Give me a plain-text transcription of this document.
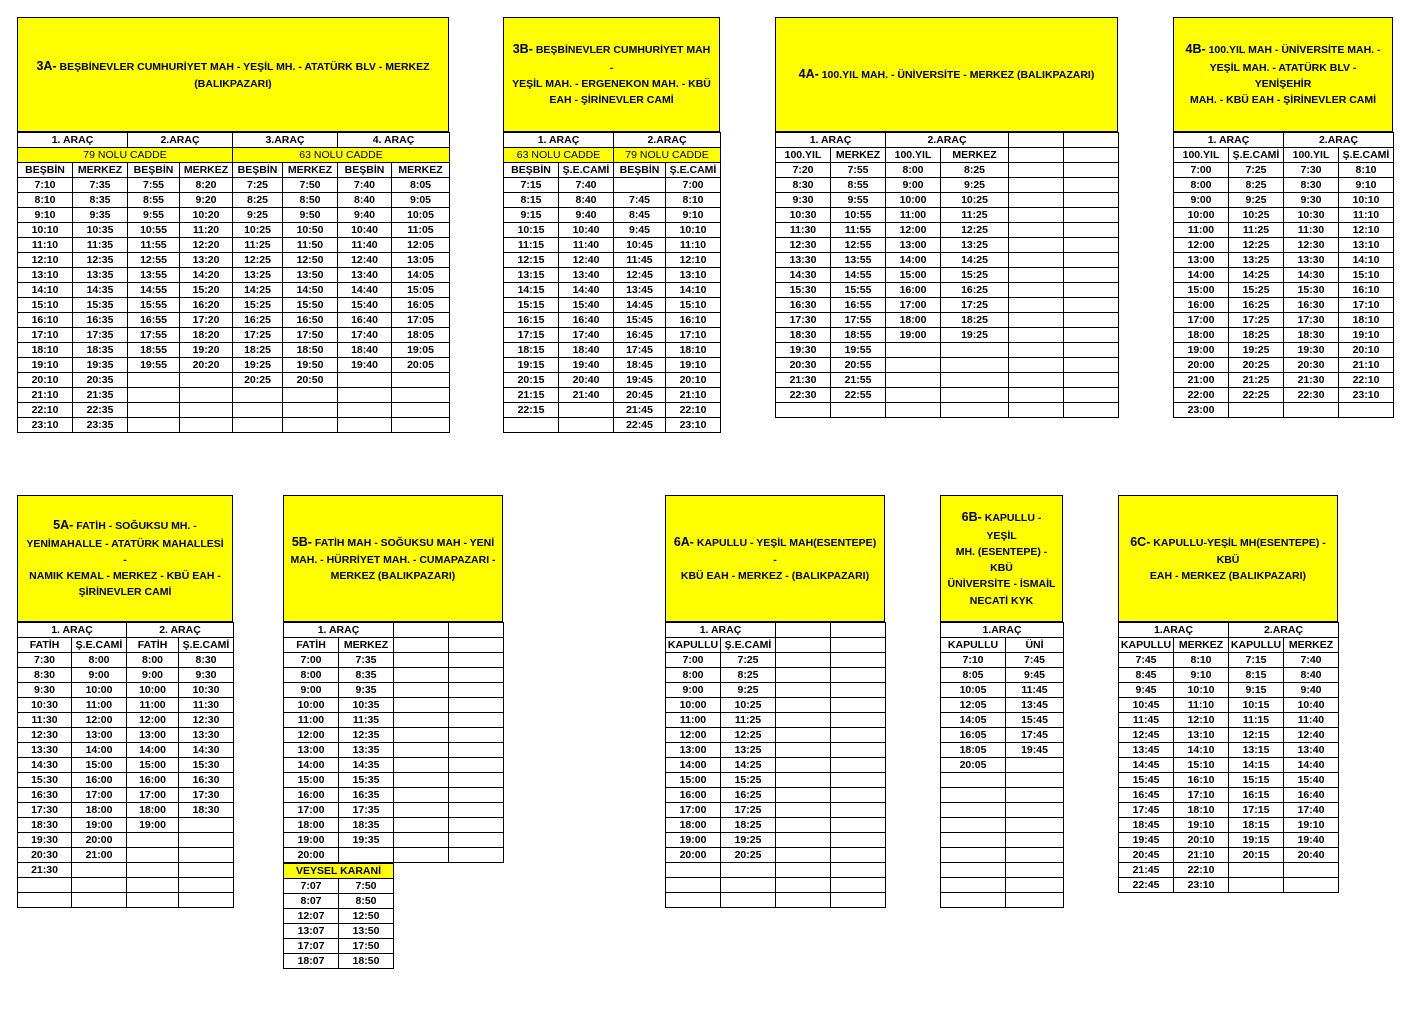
3A- BEŞBİNEVLER CUMHURİYET MAH - YEŞİL MH. - ATATÜRK BLV - MERKEZ
(BALIKPAZARI)
1. ARAÇ		2.ARAÇ		3.ARAÇ		4. ARAÇ	
79 NOLU CADDE				63 NOLU CADDE			
BEŞBİN	MERKEZ	BEŞBİN	MERKEZ	BEŞBİN	MERKEZ	BEŞBİN	MERKEZ
7:10	7:35	7:55	8:20	7:25	7:50	7:40	8:05
8:10	8:35	8:55	9:20	8:25	8:50	8:40	9:05
9:10	9:35	9:55	10:20	9:25	9:50	9:40	10:05
10:10	10:35	10:55	11:20	10:25	10:50	10:40	11:05
11:10	11:35	11:55	12:20	11:25	11:50	11:40	12:05
12:10	12:35	12:55	13:20	12:25	12:50	12:40	13:05
13:10	13:35	13:55	14:20	13:25	13:50	13:40	14:05
14:10	14:35	14:55	15:20	14:25	14:50	14:40	15:05
15:10	15:35	15:55	16:20	15:25	15:50	15:40	16:05
16:10	16:35	16:55	17:20	16:25	16:50	16:40	17:05
17:10	17:35	17:55	18:20	17:25	17:50	17:40	18:05
18:10	18:35	18:55	19:20	18:25	18:50	18:40	19:05
19:10	19:35	19:55	20:20	19:25	19:50	19:40	20:05
20:10	20:35			20:25	20:50		
21:10	21:35						
22:10	22:35						
23:10	23:35						
3B- BEŞBİNEVLER CUMHURİYET MAH -
YEŞİL MAH. - ERGENEKON MAH. - KBÜ
EAH - ŞİRİNEVLER CAMİ
1. ARAÇ		2.ARAÇ	
63 NOLU CADDE		79 NOLU CADDE	
BEŞBİN	Ş.E.CAMİ	BEŞBİN	Ş.E.CAMİ
7:15	7:40		7:00
8:15	8:40	7:45	8:10
9:15	9:40	8:45	9:10
10:15	10:40	9:45	10:10
11:15	11:40	10:45	11:10
12:15	12:40	11:45	12:10
13:15	13:40	12:45	13:10
14:15	14:40	13:45	14:10
15:15	15:40	14:45	15:10
16:15	16:40	15:45	16:10
17:15	17:40	16:45	17:10
18:15	18:40	17:45	18:10
19:15	19:40	18:45	19:10
20:15	20:40	19:45	20:10
21:15	21:40	20:45	21:10
22:15		21:45	22:10
		22:45	23:10
4A- 100.YIL MAH. - ÜNİVERSİTE - MERKEZ (BALIKPAZARI)
1. ARAÇ		2.ARAÇ			
100.YIL	MERKEZ	100.YIL	MERKEZ		
7:20	7:55	8:00	8:25		
8:30	8:55	9:00	9:25		
9:30	9:55	10:00	10:25		
10:30	10:55	11:00	11:25		
11:30	11:55	12:00	12:25		
12:30	12:55	13:00	13:25		
13:30	13:55	14:00	14:25		
14:30	14:55	15:00	15:25		
15:30	15:55	16:00	16:25		
16:30	16:55	17:00	17:25		
17:30	17:55	18:00	18:25		
18:30	18:55	19:00	19:25		
19:30	19:55				
20:30	20:55				
21:30	21:55				
22:30	22:55				

4B- 100.YIL MAH - ÜNİVERSİTE MAH. -
YEŞİL MAH. - ATATÜRK BLV - YENİŞEHİR
MAH. - KBÜ EAH - ŞİRİNEVLER CAMİ
1. ARAÇ		2.ARAÇ	
100.YIL	Ş.E.CAMİ	100.YIL	Ş.E.CAMİ
7:00	7:25	7:30	8:10
8:00	8:25	8:30	9:10
9:00	9:25	9:30	10:10
10:00	10:25	10:30	11:10
11:00	11:25	11:30	12:10
12:00	12:25	12:30	13:10
13:00	13:25	13:30	14:10
14:00	14:25	14:30	15:10
15:00	15:25	15:30	16:10
16:00	16:25	16:30	17:10
17:00	17:25	17:30	18:10
18:00	18:25	18:30	19:10
19:00	19:25	19:30	20:10
20:00	20:25	20:30	21:10
21:00	21:25	21:30	22:10
22:00	22:25	22:30	23:10
23:00			
5A- FATİH - SOĞUKSU MH. -
YENİMAHALLE - ATATÜRK MAHALLESİ -
NAMIK KEMAL - MERKEZ - KBÜ EAH -
ŞİRİNEVLER CAMİ
1. ARAÇ		2. ARAÇ	
FATİH	Ş.E.CAMİ	FATİH	Ş.E.CAMİ
7:30	8:00	8:00	8:30
8:30	9:00	9:00	9:30
9:30	10:00	10:00	10:30
10:30	11:00	11:00	11:30
11:30	12:00	12:00	12:30
12:30	13:00	13:00	13:30
13:30	14:00	14:00	14:30
14:30	15:00	15:00	15:30
15:30	16:00	16:00	16:30
16:30	17:00	17:00	17:30
17:30	18:00	18:00	18:30
18:30	19:00	19:00	
19:30	20:00		
20:30	21:00		
21:30			

5B- FATİH MAH - SOĞUKSU MAH - YENİ
MAH. - HÜRRİYET MAH. - CUMAPAZARI -
MERKEZ (BALIKPAZARI)
1. ARAÇ			
FATİH	MERKEZ		
7:00	7:35		
8:00	8:35		
9:00	9:35		
10:00	10:35		
11:00	11:35		
12:00	12:35		
13:00	13:35		
14:00	14:35		
15:00	15:35		
16:00	16:35		
17:00	17:35		
18:00	18:35		
19:00	19:35		
20:00			
VEYSEL KARANİ	
7:07	7:50
8:07	8:50
12:07	12:50
13:07	13:50
17:07	17:50
18:07	18:50
6A- KAPULLU - YEŞİL MAH(ESENTEPE) -
KBÜ EAH - MERKEZ - (BALIKPAZARI)
1. ARAÇ			
KAPULLU	Ş.E.CAMİ		
7:00	7:25		
8:00	8:25		
9:00	9:25		
10:00	10:25		
11:00	11:25		
12:00	12:25		
13:00	13:25		
14:00	14:25		
15:00	15:25		
16:00	16:25		
17:00	17:25		
18:00	18:25		
19:00	19:25		
20:00	20:25		

6B- KAPULLU -YEŞİL
MH. (ESENTEPE) - KBÜ
ÜNİVERSİTE - İSMAİL
NECATİ KYK
1.ARAÇ	
KAPULLU	ÜNİ
7:10	7:45
8:05	9:45
10:05	11:45
12:05	13:45
14:05	15:45
16:05	17:45
18:05	19:45
20:05	

6C- KAPULLU-YEŞİL MH(ESENTEPE) - KBÜ
EAH - MERKEZ (BALIKPAZARI)
1.ARAÇ		2.ARAÇ	
KAPULLU	MERKEZ	KAPULLU	MERKEZ
7:45	8:10	7:15	7:40
8:45	9:10	8:15	8:40
9:45	10:10	9:15	9:40
10:45	11:10	10:15	10:40
11:45	12:10	11:15	11:40
12:45	13:10	12:15	12:40
13:45	14:10	13:15	13:40
14:45	15:10	14:15	14:40
15:45	16:10	15:15	15:40
16:45	17:10	16:15	16:40
17:45	18:10	17:15	17:40
18:45	19:10	18:15	19:10
19:45	20:10	19:15	19:40
20:45	21:10	20:15	20:40
21:45	22:10		
22:45	23:10		
